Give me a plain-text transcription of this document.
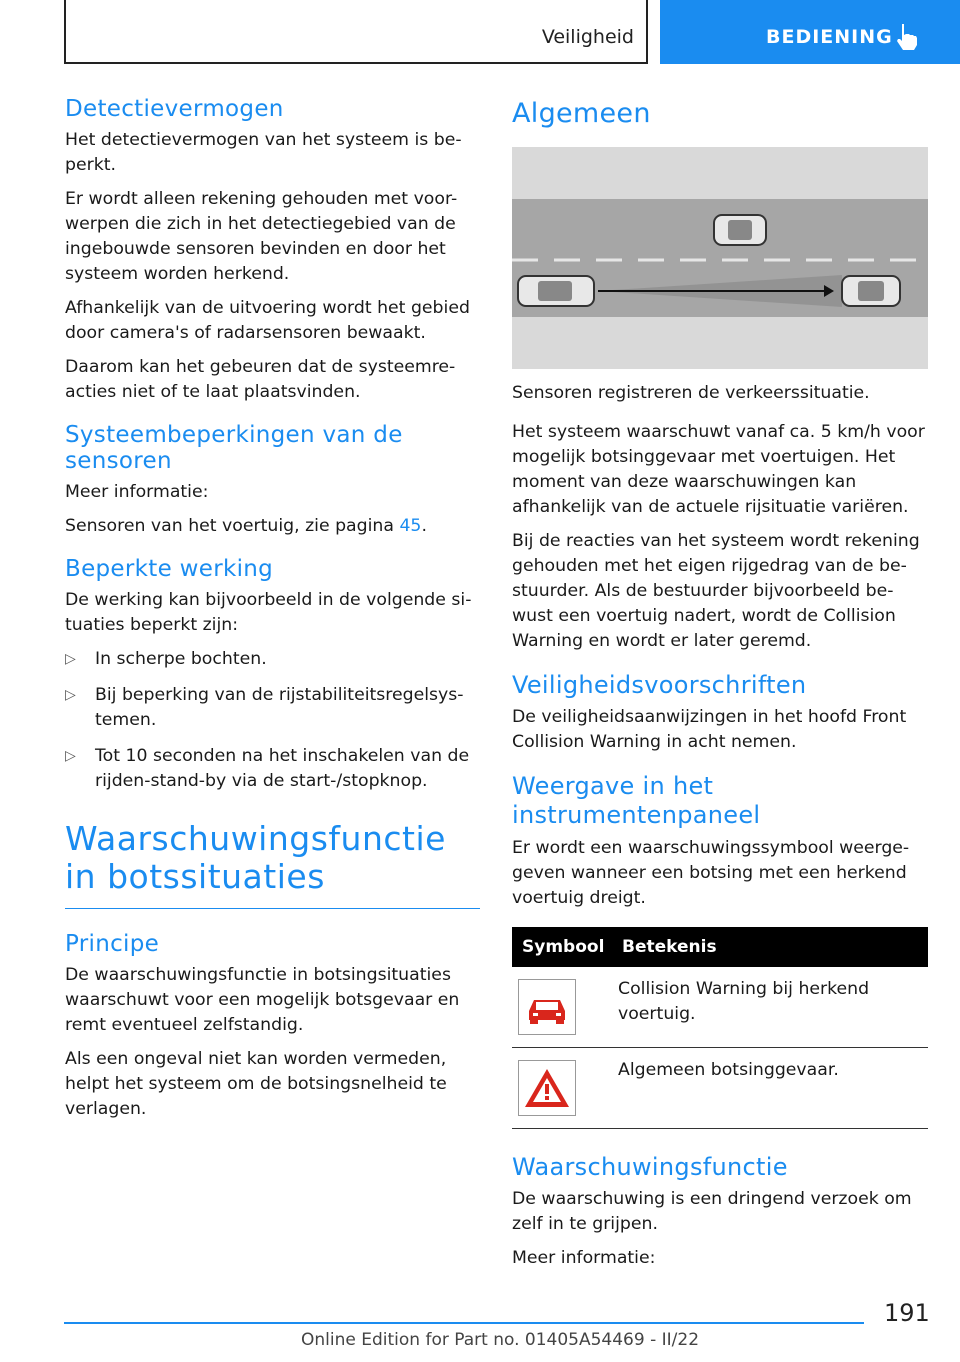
Veiligheid	BEDIENING
Detectievermogen

Het detectievermogen van het systeem is be-perkt.

Er wordt alleen rekening gehouden met voor-werpen die zich in het detectiegebied van de ingebouwde sensoren bevinden en door het systeem worden herkend.

Afhankelijk van de uitvoering wordt het gebied door camera's of radarsensoren bewaakt.

Daarom kan het gebeuren dat de systeemre-acties niet of te laat plaatsvinden.

Systeembeperkingen van de sensoren

Meer informatie:

Sensoren van het voertuig, zie pagina 45.

Beperkte werking

De werking kan bijvoorbeeld in de volgende si-tuaties beperkt zijn:

▷ In scherpe bochten.
▷ Bij beperking van de rijstabiliteitsregelsys-temen.
▷ Tot 10 seconden na het inschakelen van de rijden-stand-by via de start-/stopknop.
Waarschuwingsfunctie in botssituaties
Principe

De waarschuwingsfunctie in botsingsituaties waarschuwt voor een mogelijk botsgevaar en remt eventueel zelfstandig.

Als een ongeval niet kan worden vermeden, helpt het systeem om de botsingsnelheid te verlagen.

Algemeen

Sensoren registreren de verkeerssituatie.

Het systeem waarschuwt vanaf ca. 5 km/h voor mogelijk botsinggevaar met voertuigen. Het moment van deze waarschuwingen kan afhankelijk van de actuele rijsituatie variëren.

Bij de reacties van het systeem wordt rekening gehouden met het eigen rijgedrag van de be-stuurder. Als de bestuurder bijvoorbeeld be-wust een voertuig nadert, wordt de Collision Warning en wordt er later geremd.

Veiligheidsvoorschriften

De veiligheidsaanwijzingen in het hoofd Front Collision Warning in acht nemen.

Weergave in het instrumentenpaneel

Er wordt een waarschuwingssymbool weerge-geven wanneer een botsing met een herkend voertuig dreigt.

Symbool	Betekenis

	Collision Warning bij herkend voertuig.

	Algemeen botsinggevaar.
Waarschuwingsfunctie

De waarschuwing is een dringend verzoek om zelf in te grijpen.

Meer informatie:

191
Online Edition for Part no. 01405A54469 - II/22
